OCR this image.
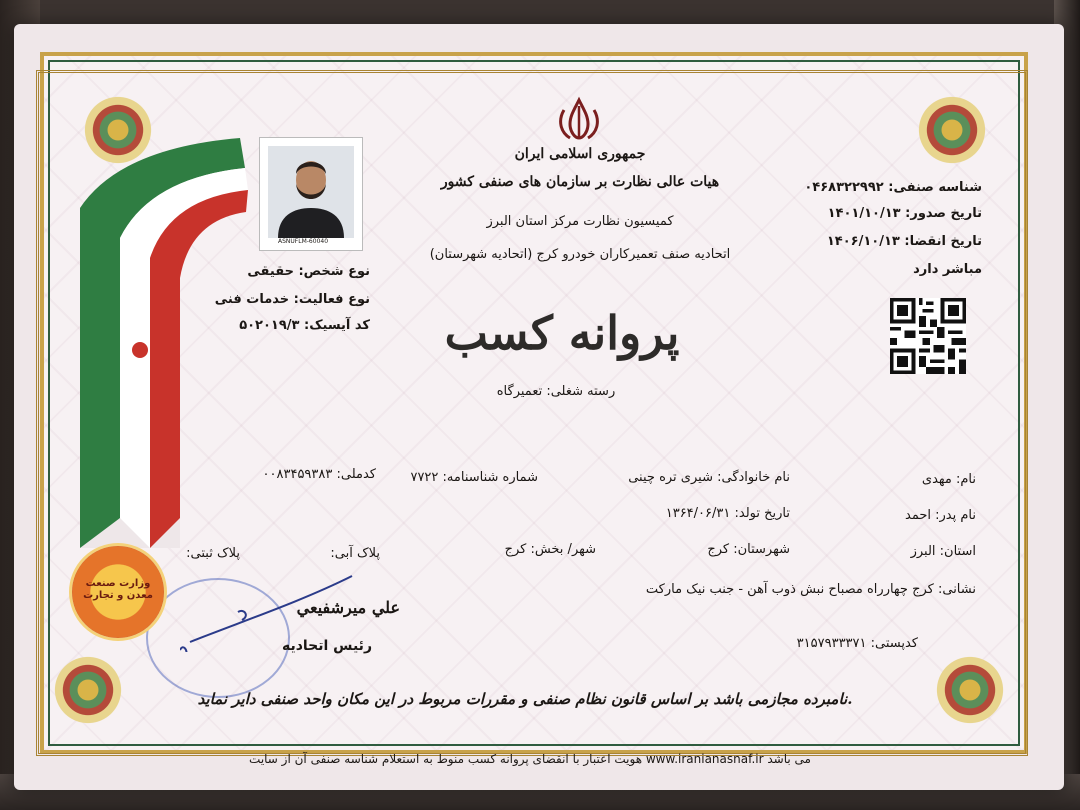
جمهوری اسلامی ایران
هیات عالی نظارت بر سازمان های صنفی کشور
کمیسیون نظارت مرکز استان البرز
اتحادیه صنف تعمیرکاران خودرو کرج (اتحادیه شهرستان)
شناسه صنفی: ۰۴۶۸۳۲۲۹۹۲
تاریخ صدور: ۱۴۰۱/۱۰/۱۳
تاریخ انقضا: ۱۴۰۶/۱۰/۱۳
مباشر دارد
ASNUFLM-60040
نوع شخص: حقیقی
نوع فعالیت: خدمات فنی
کد آیسیک: ۵۰۲۰۱۹/۳	پروانه کسب
رسته شغلی: تعمیرگاه
نام: مهدی
نام خانوادگی: شیری تره چینی
شماره شناسنامه: ۷۷۲۲
کدملی: ۰۰۸۳۴۵۹۳۸۳
نام پدر: احمد
تاریخ تولد: ۱۳۶۴/۰۶/۳۱
استان: البرز
شهرستان: کرج
شهر/ بخش: کرج
پلاک آبی:
پلاک ثبتی:
نشانی: کرج چهارراه مصباح نبش ذوب آهن - جنب نیک مارکت
کدپستی: ۳۱۵۷۹۳۳۳۷۱
علي ميرشفيعي
رئیس اتحادیه
وزارت صنعت معدن و تجارت
نامبرده مجازمی باشد بر اساس قانون نظام صنفی و مقررات مربوط در این مکان واحد صنفی دایر نماید.
هویت اعتبار با انقضای پروانه کسب منوط به استعلام شناسه صنفی آن از سایت www.iranianasnaf.ir می باشد
